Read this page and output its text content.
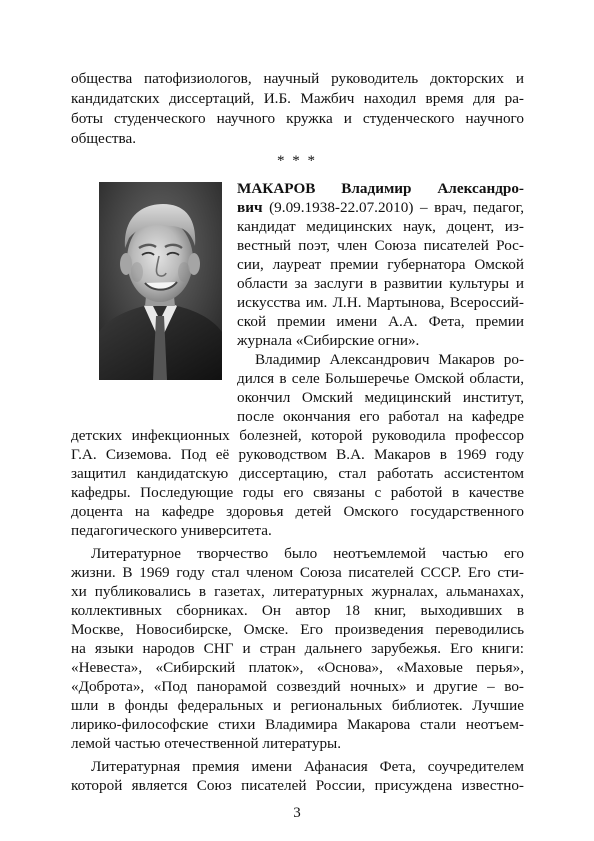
общества патофизиологов, научный руководитель докторских и
кандидатских диссертаций, И.Б. Мажбич находил время для ра-
боты студенческого научного кружка и студенческого научного
общества.
* * *
МАКАРОВ Владимир Александро-
вич (9.09.1938-22.07.2010) – врач, педагог,
кандидат медицинских наук, доцент, из-
вестный поэт, член Союза писателей Рос-
сии, лауреат премии губернатора Омской
области за заслуги в развитии культуры и
искусства им. Л.Н. Мартынова, Всероссий-
ской премии имени А.А. Фета, премии
журнала «Сибирские огни».
Владимир Александрович Макаров ро-
дился в селе Большеречье Омской области,
окончил Омский медицинский институт,
после окончания его работал на кафедре
детских инфекционных болезней, которой руководила профессор
Г.А. Сиземова. Под её руководством В.А. Макаров в 1969 году
защитил кандидатскую диссертацию, стал работать ассистентом
кафедры. Последующие годы его связаны с работой в качестве
доцента на кафедре здоровья детей Омского государственного
педагогического университета.
Литературное творчество было неотъемлемой частью его
жизни. В 1969 году стал членом Союза писателей СССР. Его сти-
хи публиковались в газетах, литературных журналах, альманахах,
коллективных сборниках. Он автор 18 книг, выходивших в
Москве, Новосибирске, Омске. Его произведения переводились
на языки народов СНГ и стран дальнего зарубежья. Его книги:
«Невеста», «Сибирский платок», «Основа», «Маховые перья»,
«Доброта», «Под панорамой созвездий ночных» и другие – во-
шли в фонды федеральных и региональных библиотек. Лучшие
лирико-философские стихи Владимира Макарова стали неотъем-
лемой частью отечественной литературы.
Литературная премия имени Афанасия Фета, соучредителем
которой является Союз писателей России, присуждена известно-
3
